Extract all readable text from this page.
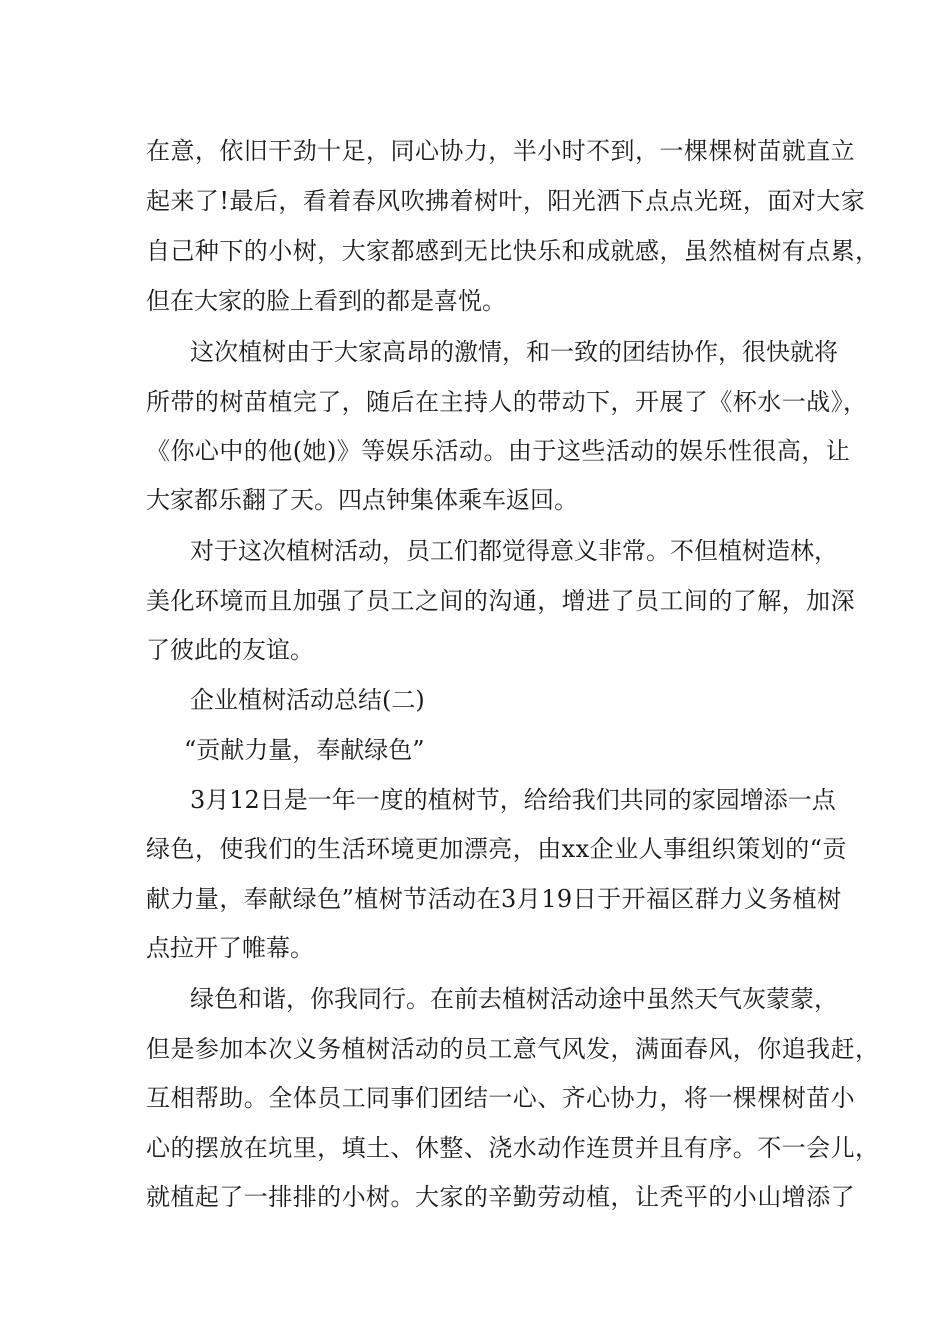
在意，依旧干劲十足，同心协力，半小时不到，一棵棵树苗就直立
起来了!最后，看着春风吹拂着树叶，阳光洒下点点光斑，面对大家
自己种下的小树，大家都感到无比快乐和成就感，虽然植树有点累，
但在大家的脸上看到的都是喜悦。
这次植树由于大家高昂的激情，和一致的团结协作，很快就将
所带的树苗植完了，随后在主持人的带动下，开展了《杯水一战》，
《你心中的他(她)》等娱乐活动。由于这些活动的娱乐性很高，让
大家都乐翻了天。四点钟集体乘车返回。
对于这次植树活动，员工们都觉得意义非常。不但植树造林，
美化环境而且加强了员工之间的沟通，增进了员工间的了解，加深
了彼此的友谊。
企业植树活动总结(二)
“贡献力量，奉献绿色”
3月12日是一年一度的植树节，给给我们共同的家园增添一点
绿色，使我们的生活环境更加漂亮，由xx企业人事组织策划的“贡
献力量，奉献绿色”植树节活动在3月19日于开福区群力义务植树
点拉开了帷幕。
绿色和谐，你我同行。在前去植树活动途中虽然天气灰蒙蒙，
但是参加本次义务植树活动的员工意气风发，满面春风，你追我赶，
互相帮助。全体员工同事们团结一心、齐心协力，将一棵棵树苗小
心的摆放在坑里，填土、休整、浇水动作连贯并且有序。不一会儿，
就植起了一排排的小树。大家的辛勤劳动植，让秃平的小山增添了
